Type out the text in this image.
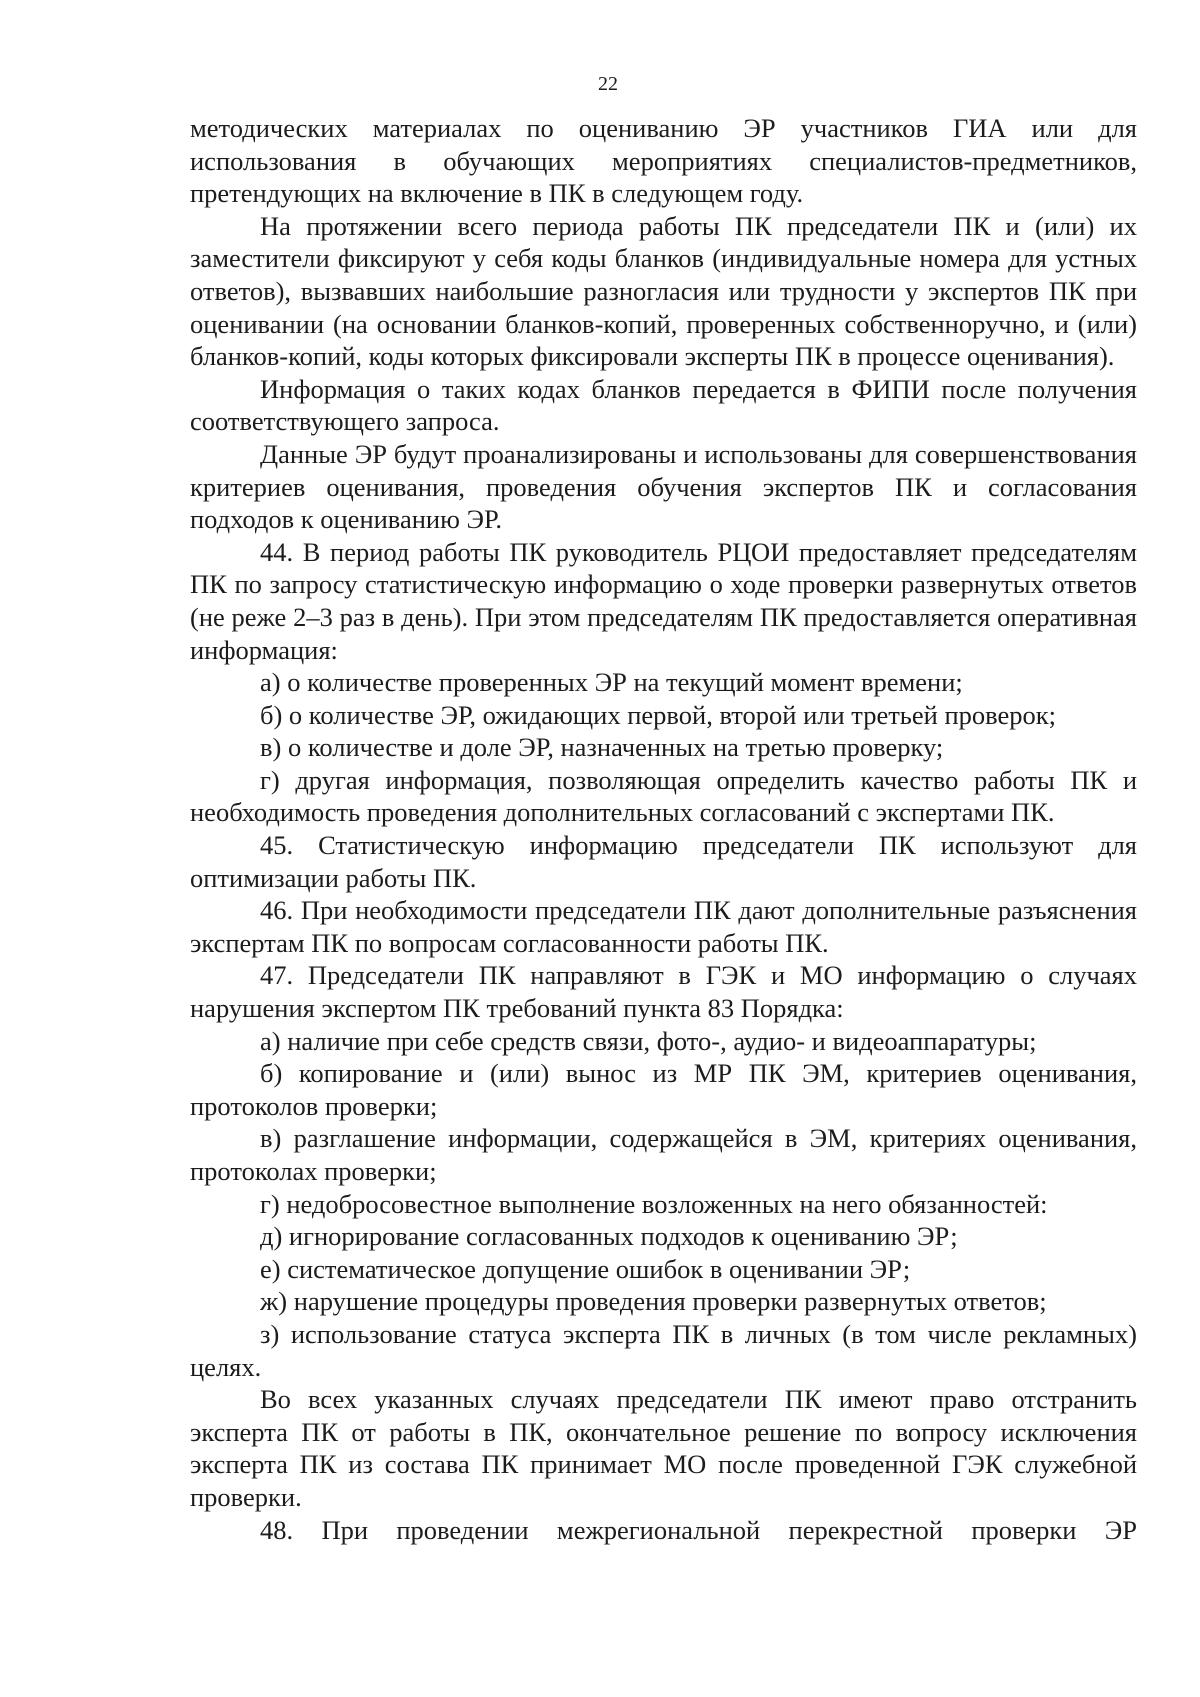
22

методических материалах по оцениванию ЭР участников ГИА или для использования в обучающих мероприятиях специалистов-предметников, претендующих на включение в ПК в следующем году.

На протяжении всего периода работы ПК председатели ПК и (или) их заместители фиксируют у себя коды бланков (индивидуальные номера для устных ответов), вызвавших наибольшие разногласия или трудности у экспертов ПК при оценивании (на основании бланков-копий, проверенных собственноручно, и (или) бланков-копий, коды которых фиксировали эксперты ПК в процессе оценивания).

Информация о таких кодах бланков передается в ФИПИ после получения соответствующего запроса.

Данные ЭР будут проанализированы и использованы для совершенствования критериев оценивания, проведения обучения экспертов ПК и согласования подходов к оцениванию ЭР.

44. В период работы ПК руководитель РЦОИ предоставляет председателям ПК по запросу статистическую информацию о ходе проверки развернутых ответов (не реже 2–3 раз в день). При этом председателям ПК предоставляется оперативная информация:

а) о количестве проверенных ЭР на текущий момент времени;

б) о количестве ЭР, ожидающих первой, второй или третьей проверок;

в) о количестве и доле ЭР, назначенных на третью проверку;

г) другая информация, позволяющая определить качество работы ПК и необходимость проведения дополнительных согласований с экспертами ПК.

45. Статистическую информацию председатели ПК используют для оптимизации работы ПК.

46. При необходимости председатели ПК дают дополнительные разъяснения экспертам ПК по вопросам согласованности работы ПК.

47. Председатели ПК направляют в ГЭК и МО информацию о случаях нарушения экспертом ПК требований пункта 83 Порядка:

а) наличие при себе средств связи, фото-, аудио- и видеоаппаратуры;

б) копирование и (или) вынос из МР ПК ЭМ, критериев оценивания, протоколов проверки;

в) разглашение информации, содержащейся в ЭМ, критериях оценивания, протоколах проверки;

г) недобросовестное выполнение возложенных на него обязанностей:

д) игнорирование согласованных подходов к оцениванию ЭР;

е) систематическое допущение ошибок в оценивании ЭР;

ж) нарушение процедуры проведения проверки развернутых ответов;

з) использование статуса эксперта ПК в личных (в том числе рекламных) целях.

Во всех указанных случаях председатели ПК имеют право отстранить эксперта ПК от работы в ПК, окончательное решение по вопросу исключения эксперта ПК из состава ПК принимает МО после проведенной ГЭК служебной проверки.

48. При проведении межрегиональной перекрестной проверки ЭР
